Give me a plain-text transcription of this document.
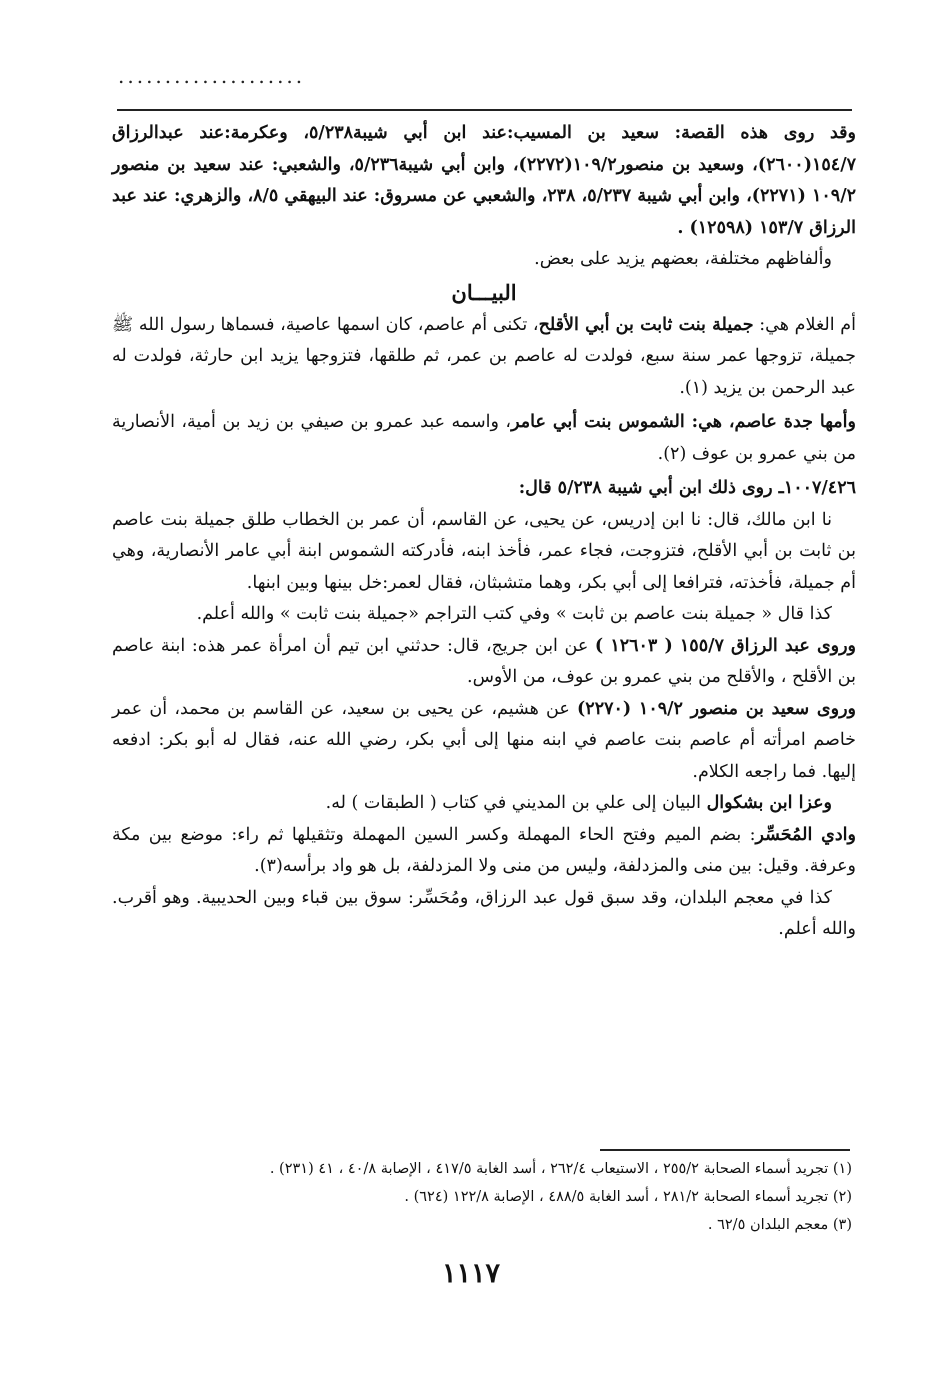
....................

وقد روى هذه القصة: سعيد بن المسيب:عند ابن أبي شيبة٥/٢٣٨، وعكرمة:عند عبدالرزاق ١٥٤/٧(٢٦٠٠)، وسعيد بن منصور١٠٩/٢(٢٢٧٢)، وابن أبي شيبة٥/٢٣٦، والشعبي: عند سعيد بن منصور ١٠٩/٢ (٢٢٧١)، وابن أبي شيبة ٥/٢٣٧، ٢٣٨، والشعبي عن مسروق: عند البيهقي ٨/٥، والزهري: عند عبد الرزاق ١٥٣/٧ (١٢٥٩٨) .

وألفاظهم مختلفة، بعضهم يزيد على بعض.

البيـــان

أم الغلام هي: جميلة بنت ثابت بن أبي الأقلح، تكنى أم عاصم، كان اسمها عاصية، فسماها رسول الله ﷺ جميلة، تزوجها عمر سنة سبع، فولدت له عاصم بن عمر، ثم طلقها، فتزوجها يزيد ابن حارثة، فولدت له عبد الرحمن بن يزيد (١).

وأمها جدة عاصم، هي: الشموس بنت أبي عامر، واسمه عبد عمرو بن صيفي بن زيد بن أمية، الأنصارية من بني عمرو بن عوف (٢).

١٠٠٧/٤٢٦ـ روى ذلك ابن أبي شيبة ٥/٢٣٨ قال:

نا ابن مالك، قال: نا ابن إدريس، عن يحيى، عن القاسم، أن عمر بن الخطاب طلق جميلة بنت عاصم بن ثابت بن أبي الأقلح، فتزوجت، فجاء عمر، فأخذ ابنه، فأدركته الشموس ابنة أبي عامر الأنصارية، وهي أم جميلة، فأخذته، فترافعا إلى أبي بكر، وهما متشبثان، فقال لعمر:خل بينها وبين ابنها.

كذا قال « جميلة بنت عاصم بن ثابت » وفي كتب التراجم «جميلة بنت ثابت » والله أعلم.

وروى عبد الرزاق ١٥٥/٧ ( ١٢٦٠٣ ) عن ابن جريج، قال: حدثني ابن تيم أن امرأة عمر هذه: ابنة عاصم بن الأقلح ، والأقلح من بني عمرو بن عوف، من الأوس.

وروى سعيد بن منصور ١٠٩/٢ (٢٢٧٠) عن هشيم، عن يحيى بن سعيد، عن القاسم بن محمد، أن عمر خاصم امرأته أم عاصم بنت عاصم في ابنه منها إلى أبي بكر، رضي الله عنه، فقال له أبو بكر: ادفعه إليها. فما راجعه الكلام.

وعزا ابن بشكوال البيان إلى علي بن المديني في كتاب ( الطبقات ) له.

وادي المُحَسِّر: بضم الميم وفتح الحاء المهملة وكسر السين المهملة وتثقيلها ثم راء: موضع بين مكة وعرفة. وقيل: بين منى والمزدلفة، وليس من منى ولا المزدلفة، بل هو واد برأسه(٣).

كذا في معجم البلدان، وقد سبق قول عبد الرزاق، ومُحَسِّر: سوق بين قباء وبين الحديبية. وهو أقرب. والله أعلم.

(١) تجريد أسماء الصحابة ٢٥٥/٢ ، الاستيعاب ٢٦٢/٤ ، أسد الغابة ٤١٧/٥ ، الإصابة ٤٠/٨ ، ٤١ (٢٣١) .

(٢) تجريد أسماء الصحابة ٢٨١/٢ ، أسد الغابة ٤٨٨/٥ ، الإصابة ١٢٢/٨ (٦٢٤) .

(٣) معجم البلدان ٦٢/٥ .

١١١٧
